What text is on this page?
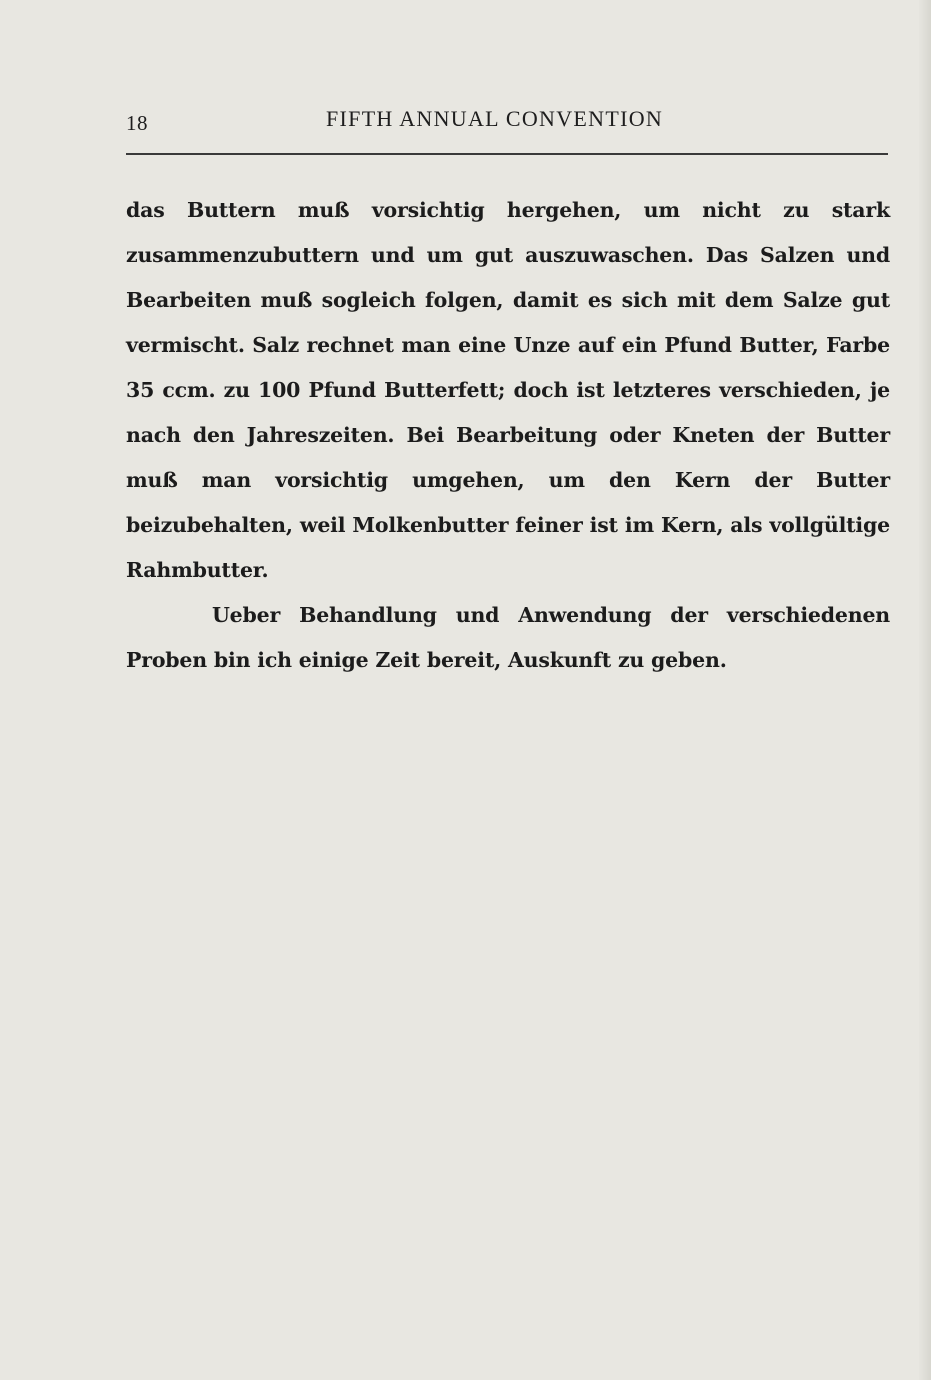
18	FIFTH ANNUAL CONVENTION

das Buttern muß vorsichtig hergehen, um nicht zu stark zusammenzubuttern und um gut auszuwaschen. Das Salzen und Bearbeiten muß sogleich folgen, damit es sich mit dem Salze gut vermischt. Salz rechnet man eine Unze auf ein Pfund Butter, Farbe 35 ccm. zu 100 Pfund Butterfett; doch ist letzteres verschieden, je nach den Jahreszeiten. Bei Bearbeitung oder Kneten der Butter muß man vorsichtig umgehen, um den Kern der Butter beizubehalten, weil Molkenbutter feiner ist im Kern, als vollgültige Rahmbutter.

Ueber Behandlung und Anwendung der verschiedenen Proben bin ich einige Zeit bereit, Auskunft zu geben.
